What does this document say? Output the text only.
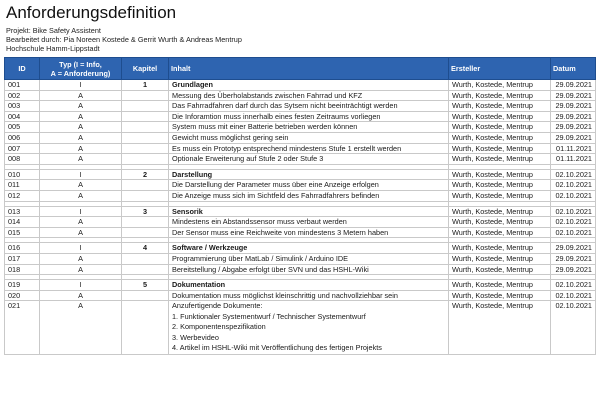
Anforderungsdefinition
Projekt: Bike Safety Assistent
Bearbeitet durch: Pia Noreen Kostede & Gerrit Wurth & Andreas Mentrup
Hochschule Hamm-Lippstadt
ID	Typ (I = Info,
A = Anforderung)	Kapitel	Inhalt	Ersteller	Datum
001	I	1	Grundlagen	Wurth, Kostede, Mentrup	29.09.2021
002	A		Messung des Überholabstands zwischen Fahrrad und KFZ	Wurth, Kostede, Mentrup	29.09.2021
003	A		Das Fahrradfahren darf durch das Sytsem nicht beeinträchtigt werden	Wurth, Kostede, Mentrup	29.09.2021
004	A		Die Inforamtion muss innerhalb eines festen Zeitraums vorliegen	Wurth, Kostede, Mentrup	29.09.2021
005	A		System muss mit einer Batterie betrieben werden können	Wurth, Kostede, Mentrup	29.09.2021
006	A		Gewicht muss möglichst gering sein	Wurth, Kostede, Mentrup	29.09.2021
007	A		Es muss ein Prototyp entsprechend mindestens Stufe 1 erstellt werden	Wurth, Kostede, Mentrup	01.11.2021
008	A		Optionale Erweiterung auf Stufe 2 oder Stufe 3	Wurth, Kostede, Mentrup	01.11.2021

010	I	2	Darstellung	Wurth, Kostede, Mentrup	02.10.2021
011	A		Die Darstellung der Parameter muss über eine Anzeige erfolgen	Wurth, Kostede, Mentrup	02.10.2021
012	A		Die Anzeige muss sich im Sichtfeld des Fahrradfahrers befinden	Wurth, Kostede, Mentrup	02.10.2021

013	I	3	Sensorik	Wurth, Kostede, Mentrup	02.10.2021
014	A		Mindestens ein Abstandssensor muss verbaut werden	Wurth, Kostede, Mentrup	02.10.2021
015	A		Der Sensor muss eine Reichweite von mindestens 3 Metern haben	Wurth, Kostede, Mentrup	02.10.2021

016	I	4	Software / Werkzeuge	Wurth, Kostede, Mentrup	29.09.2021
017	A		Programmierung über MatLab / Simulink / Arduino IDE	Wurth, Kostede, Mentrup	29.09.2021
018	A		Bereitstellung / Abgabe erfolgt über SVN und das HSHL-Wiki	Wurth, Kostede, Mentrup	29.09.2021

019	I	5	Dokumentation	Wurth, Kostede, Mentrup	02.10.2021
020	A		Dokumentation muss möglichst kleinschrittig und nachvollziehbar sein	Wurth, Kostede, Mentrup	02.10.2021
021	A		Anzufertigende Dokumente:
1. Funktionaler Systementwurf / Technischer Systementwurf
2. Komponentenspezifikation
3. Werbevideo
4. Artikel im HSHL-Wiki mit Veröffentlichung des fertigen Projekts	Wurth, Kostede, Mentrup	02.10.2021
